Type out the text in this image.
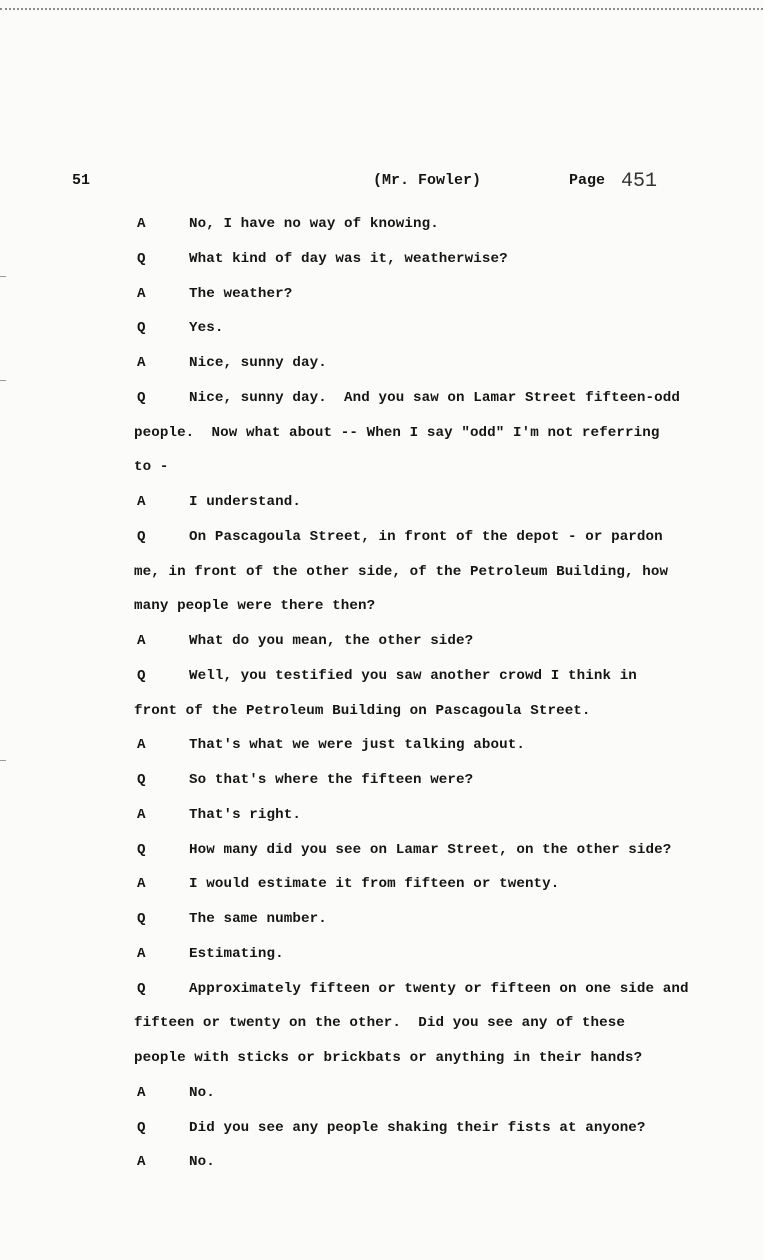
51	(Mr. Fowler)	Page 451
A	No, I have no way of knowing.
Q	What kind of day was it, weatherwise?
A	The weather?
Q	Yes.
A	Nice, sunny day.
Q	Nice, sunny day.  And you saw on Lamar Street fifteen-odd
people.  Now what about -- When I say "odd" I'm not referring
to -
A	I understand.
Q	On Pascagoula Street, in front of the depot - or pardon
me, in front of the other side, of the Petroleum Building, how
many people were there then?
A	What do you mean, the other side?
Q	Well, you testified you saw another crowd I think in
front of the Petroleum Building on Pascagoula Street.
A	That's what we were just talking about.
Q	So that's where the fifteen were?
A	That's right.
Q	How many did you see on Lamar Street, on the other side?
A	I would estimate it from fifteen or twenty.
Q	The same number.
A	Estimating.
Q	Approximately fifteen or twenty or fifteen on one side and
fifteen or twenty on the other.  Did you see any of these
people with sticks or brickbats or anything in their hands?
A	No.
Q	Did you see any people shaking their fists at anyone?
A	No.
